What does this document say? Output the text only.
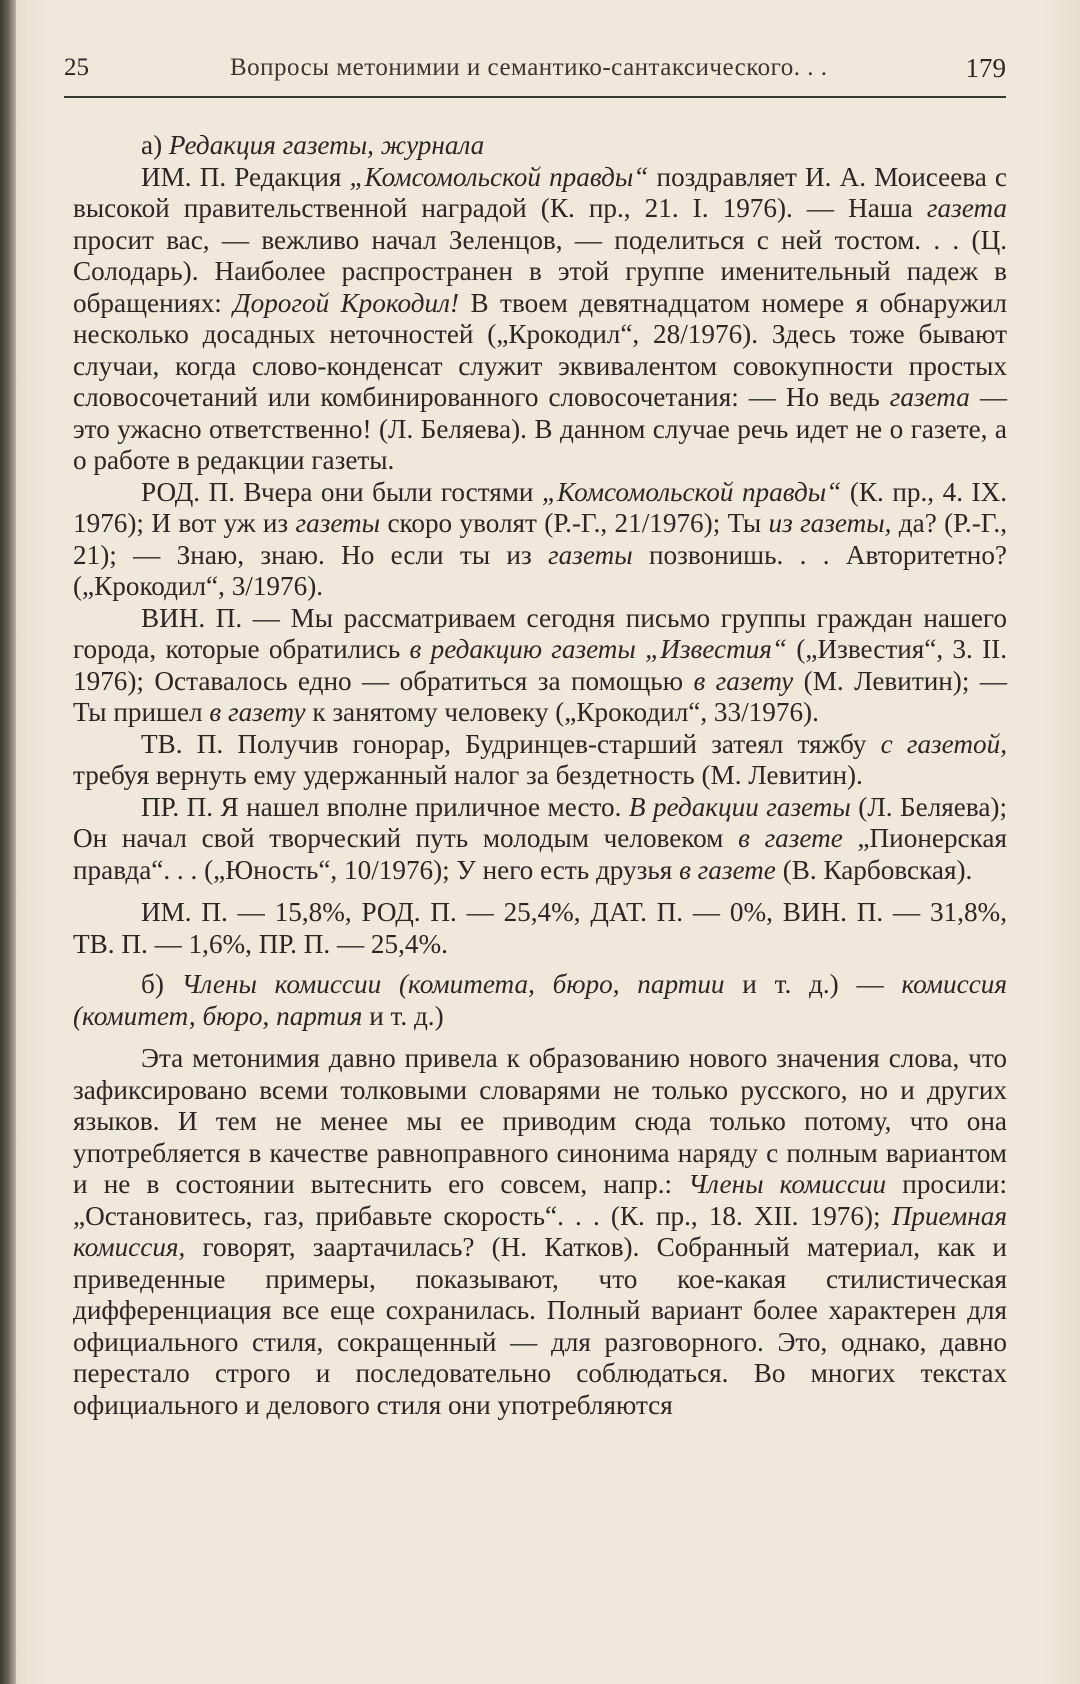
25	Вопросы метонимии и семантико-сантаксического. . .	179

а) Редакция газеты, журнала

ИМ. П. Редакция „Комсомольской правды“ поздравляет И. А. Моисеева с высокой правительственной наградой (К. пр., 21. I. 1976). — Наша газета просит вас, — вежливо начал Зеленцов, — поделиться с ней тостом. . . (Ц. Солодарь). Наиболее распространен в этой группе именительный падеж в обращениях: Дорогой Крокодил! В твоем девятнадцатом номере я обнаружил несколько досадных неточностей („Крокодил“, 28/1976). Здесь тоже бывают случаи, когда слово-конденсат служит эквивалентом совокупности простых словосочетаний или комбинированного словосочетания: — Но ведь газета — это ужасно ответственно! (Л. Беляева). В данном случае речь идет не о газете, а о работе в редакции газеты.

РОД. П. Вчера они были гостями „Комсомольской правды“ (К. пр., 4. IX. 1976); И вот уж из газеты скоро уволят (Р.-Г., 21/1976); Ты из газеты, да? (Р.-Г., 21); — Знаю, знаю. Но если ты из газеты позвонишь. . . Авторитетно? („Крокодил“, 3/1976).

ВИН. П. — Мы рассматриваем сегодня письмо группы граждан нашего города, которые обратились в редакцию газеты „Известия“ („Известия“, 3. II. 1976); Оставалось едно — обратиться за помощью в газету (М. Левитин); — Ты пришел в газету к занятому человеку („Крокодил“, 33/1976).

ТВ. П. Получив гонорар, Будринцев-старший затеял тяжбу с газетой, требуя вернуть ему удержанный налог за бездетность (М. Левитин).

ПР. П. Я нашел вполне приличное место. В редакции газеты (Л. Беляева); Он начал свой творческий путь молодым человеком в газете „Пионерская правда“. . . („Юность“, 10/1976); У него есть друзья в газете (В. Карбовская).

ИМ. П. — 15,8%, РОД. П. — 25,4%, ДАТ. П. — 0%, ВИН. П. — 31,8%, ТВ. П. — 1,6%, ПР. П. — 25,4%.

б) Члены комиссии (комитета, бюро, партии и т. д.) — комиссия (комитет, бюро, партия и т. д.)

Эта метонимия давно привела к образованию нового значения слова, что зафиксировано всеми толковыми словарями не только русского, но и других языков. И тем не менее мы ее приводим сюда только потому, что она употребляется в качестве равноправного синонима наряду с полным вариантом и не в состоянии вытеснить его совсем, напр.: Члены комиссии просили: „Остановитесь, газ, прибавьте скорость“. . . (К. пр., 18. XII. 1976); Приемная комиссия, говорят, заартачилась? (Н. Катков). Собранный материал, как и приведенные примеры, показывают, что кое-какая стилистическая дифференциация все еще сохранилась. Полный вариант более характерен для официального стиля, сокращенный — для разговорного. Это, однако, давно перестало строго и последовательно соблюдаться. Во многих текстах официального и делового стиля они употребляются
